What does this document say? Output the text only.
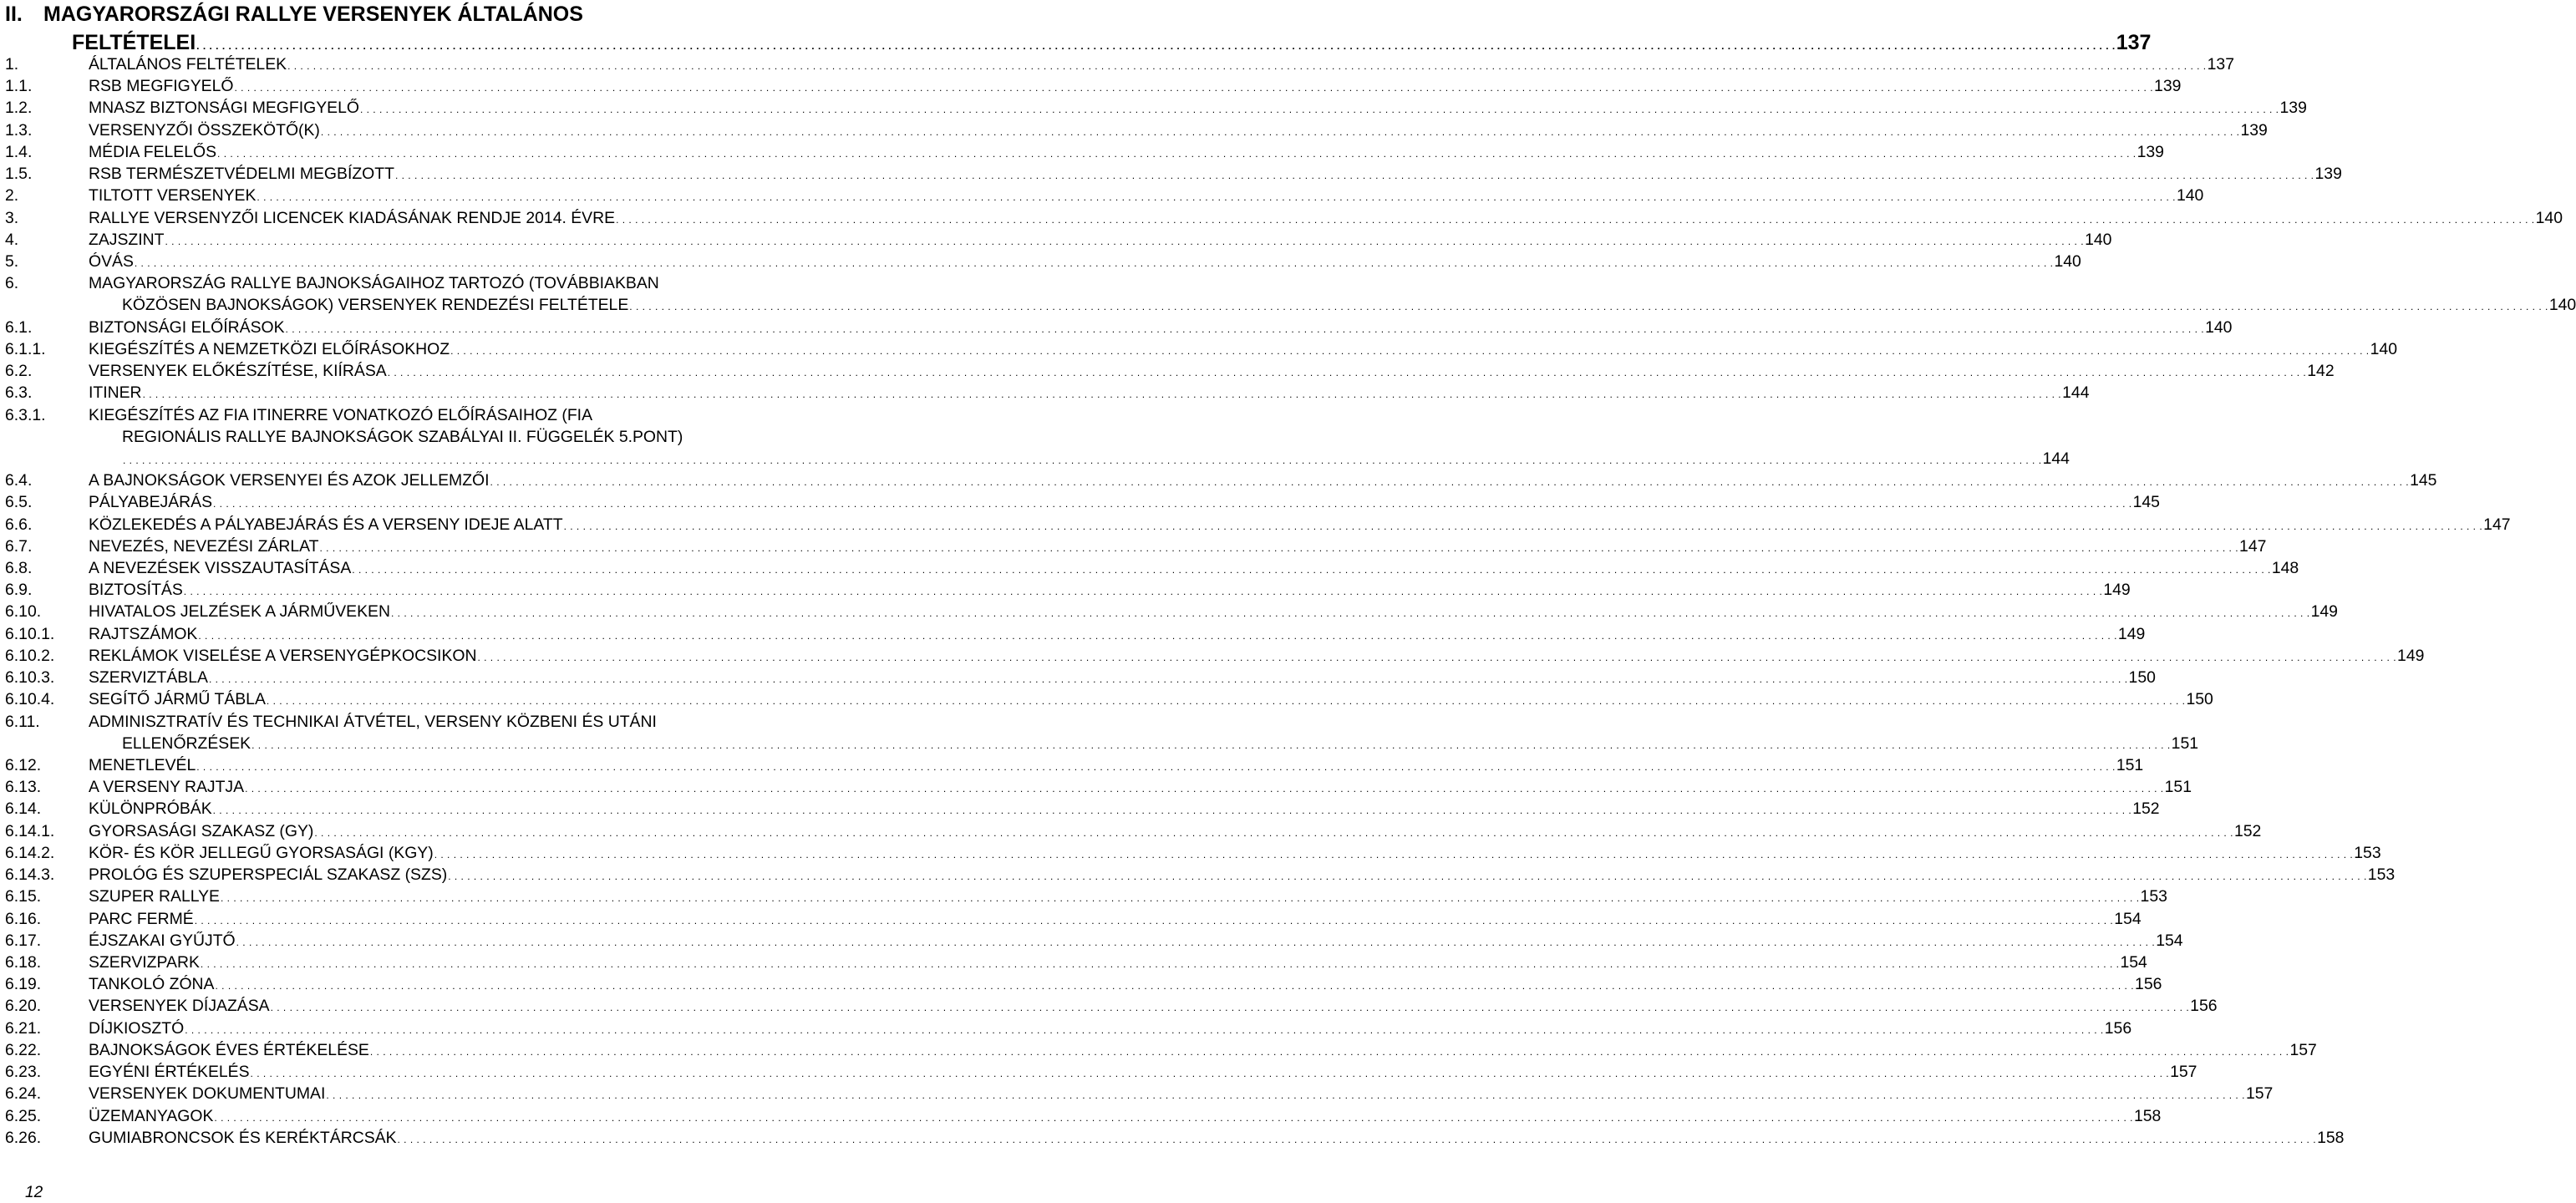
II.	MAGYARORSZÁGI RALLYE VERSENYEK ÁLTALÁNOS
FELTÉTELEI . . . . . . . . . . . . . . . . . . . . . . . . . . . . . . . . . . . . . . . . . . . . . . . . . . . . . . . . . . . . . . . . . . . . . . . . . . . . . . . . . . . . . . . . . . . . . . . . . . . . . . . . . . . . . . . . . . . . . . . . . . . . . . . . . . . . . . . . . . . . . . . . . . . . . . . . . . . . . . . . . . . . . . . . . . . . . . . . . . . . . . . . . . . . . . . . . . . . . . . . . . . . . . . . . . . . . . . . . . . . . . . . . . . . . . . . . . . . . . . . . . . . . . . . . . . . . . . . . . . . . . . . . . . . . . . . . . . . . . . . . . . . . . . . . . . . . . . . . . . . 137
1.	ÁLTALÁNOS FELTÉTELEK . . . . . . . . . . . . . . . . . . . . . . . . . . . . . . . . . . . . . . . . . . . . . . . . . . . . . . . . . . . . . . . . . . . . . . . . . . . . . . . . . . . . . . . . . . . . . . . . . . . . . . . . . . . . . . . . . . . . . . . . . . . . . . . . . . . . . . . . . . . . . . . . . . . . . . . . . . . . . . . . . . . . . . . . . . . . . . . . . . . . . . . . . . . . . . . . . . . . . . . . . . . . . . . . . . . . . . . . . . . . . . . . . . . . . . . . . . . . . . . . . . . . . . . . . . . . . . . . . . . . . . . . . . . . . . . . . . . . . . . . . . . . . . . . . . . . . . . . . . . . 137
1.1.	RSB MEGFIGYELŐ . . . . . . . . . . . . . . . . . . . . . . . . . . . . . . . . . . . . . . . . . . . . . . . . . . . . . . . . . . . . . . . . . . . . . . . . . . . . . . . . . . . . . . . . . . . . . . . . . . . . . . . . . . . . . . . . . . . . . . . . . . . . . . . . . . . . . . . . . . . . . . . . . . . . . . . . . . . . . . . . . . . . . . . . . . . . . . . . . . . . . . . . . . . . . . . . . . . . . . . . . . . . . . . . . . . . . . . . . . . . . . . . . . . . . . . . . . . . . . . . . . . . . . . . . . . . . . . . . . . . . . . . . . . . . . . . . . . . . . . . . . . . . . . . . . . . . . . . . . . . 139
1.2.	MNASZ BIZTONSÁGI MEGFIGYELŐ . . . . . . . . . . . . . . . . . . . . . . . . . . . . . . . . . . . . . . . . . . . . . . . . . . . . . . . . . . . . . . . . . . . . . . . . . . . . . . . . . . . . . . . . . . . . . . . . . . . . . . . . . . . . . . . . . . . . . . . . . . . . . . . . . . . . . . . . . . . . . . . . . . . . . . . . . . . . . . . . . . . . . . . . . . . . . . . . . . . . . . . . . . . . . . . . . . . . . . . . . . . . . . . . . . . . . . . . . . . . . . . . . . . . . . . . . . . . . . . . . . . . . . . . . . . . . . . . . . . . . . . . . . . . . . . . . . . . . . . . . . . . . . . . . . . . . . . . . . . . 139
1.3.	VERSENYZŐI ÖSSZEKÖTŐ(K) . . . . . . . . . . . . . . . . . . . . . . . . . . . . . . . . . . . . . . . . . . . . . . . . . . . . . . . . . . . . . . . . . . . . . . . . . . . . . . . . . . . . . . . . . . . . . . . . . . . . . . . . . . . . . . . . . . . . . . . . . . . . . . . . . . . . . . . . . . . . . . . . . . . . . . . . . . . . . . . . . . . . . . . . . . . . . . . . . . . . . . . . . . . . . . . . . . . . . . . . . . . . . . . . . . . . . . . . . . . . . . . . . . . . . . . . . . . . . . . . . . . . . . . . . . . . . . . . . . . . . . . . . . . . . . . . . . . . . . . . . . . . . . . . . . . . . . . . . . . . 139
1.4.	MÉDIA FELELŐS . . . . . . . . . . . . . . . . . . . . . . . . . . . . . . . . . . . . . . . . . . . . . . . . . . . . . . . . . . . . . . . . . . . . . . . . . . . . . . . . . . . . . . . . . . . . . . . . . . . . . . . . . . . . . . . . . . . . . . . . . . . . . . . . . . . . . . . . . . . . . . . . . . . . . . . . . . . . . . . . . . . . . . . . . . . . . . . . . . . . . . . . . . . . . . . . . . . . . . . . . . . . . . . . . . . . . . . . . . . . . . . . . . . . . . . . . . . . . . . . . . . . . . . . . . . . . . . . . . . . . . . . . . . . . . . . . . . . . . . . . . . . . . . . . . . . . . . . . . . . 139
1.5.	RSB TERMÉSZETVÉDELMI MEGBÍZOTT . . . . . . . . . . . . . . . . . . . . . . . . . . . . . . . . . . . . . . . . . . . . . . . . . . . . . . . . . . . . . . . . . . . . . . . . . . . . . . . . . . . . . . . . . . . . . . . . . . . . . . . . . . . . . . . . . . . . . . . . . . . . . . . . . . . . . . . . . . . . . . . . . . . . . . . . . . . . . . . . . . . . . . . . . . . . . . . . . . . . . . . . . . . . . . . . . . . . . . . . . . . . . . . . . . . . . . . . . . . . . . . . . . . . . . . . . . . . . . . . . . . . . . . . . . . . . . . . . . . . . . . . . . . . . . . . . . . . . . . . . . . . . . . . . . . . . . . . . . . . 139
2.	TILTOTT VERSENYEK . . . . . . . . . . . . . . . . . . . . . . . . . . . . . . . . . . . . . . . . . . . . . . . . . . . . . . . . . . . . . . . . . . . . . . . . . . . . . . . . . . . . . . . . . . . . . . . . . . . . . . . . . . . . . . . . . . . . . . . . . . . . . . . . . . . . . . . . . . . . . . . . . . . . . . . . . . . . . . . . . . . . . . . . . . . . . . . . . . . . . . . . . . . . . . . . . . . . . . . . . . . . . . . . . . . . . . . . . . . . . . . . . . . . . . . . . . . . . . . . . . . . . . . . . . . . . . . . . . . . . . . . . . . . . . . . . . . . . . . . . . . . . . . . . . . . . . . . . . . . 140
3.	RALLYE VERSENYZŐI LICENCEK KIADÁSÁNAK RENDJE 2014. ÉVRE . . . . . . . . . . . . . . . . . . . . . . . . . . . . . . . . . . . . . . . . . . . . . . . . . . . . . . . . . . . . . . . . . . . . . . . . . . . . . . . . . . . . . . . . . . . . . . . . . . . . . . . . . . . . . . . . . . . . . . . . . . . . . . . . . . . . . . . . . . . . . . . . . . . . . . . . . . . . . . . . . . . . . . . . . . . . . . . . . . . . . . . . . . . . . . . . . . . . . . . . . . . . . . . . . . . . . . . . . . . . . . . . . . . . . . . . . . . . . . . . . . . . . . . . . . . . . . . . . . . . . . . . . . . . . . . . . . . . . . . . . . . . . . . . . . . . . . . . . . . . 140
4.	ZAJSZINT . . . . . . . . . . . . . . . . . . . . . . . . . . . . . . . . . . . . . . . . . . . . . . . . . . . . . . . . . . . . . . . . . . . . . . . . . . . . . . . . . . . . . . . . . . . . . . . . . . . . . . . . . . . . . . . . . . . . . . . . . . . . . . . . . . . . . . . . . . . . . . . . . . . . . . . . . . . . . . . . . . . . . . . . . . . . . . . . . . . . . . . . . . . . . . . . . . . . . . . . . . . . . . . . . . . . . . . . . . . . . . . . . . . . . . . . . . . . . . . . . . . . . . . . . . . . . . . . . . . . . . . . . . . . . . . . . . . . . . . . . . . . . . . . . . . . . . . . . . . . 140
5.	ÓVÁS . . . . . . . . . . . . . . . . . . . . . . . . . . . . . . . . . . . . . . . . . . . . . . . . . . . . . . . . . . . . . . . . . . . . . . . . . . . . . . . . . . . . . . . . . . . . . . . . . . . . . . . . . . . . . . . . . . . . . . . . . . . . . . . . . . . . . . . . . . . . . . . . . . . . . . . . . . . . . . . . . . . . . . . . . . . . . . . . . . . . . . . . . . . . . . . . . . . . . . . . . . . . . . . . . . . . . . . . . . . . . . . . . . . . . . . . . . . . . . . . . . . . . . . . . . . . . . . . . . . . . . . . . . . . . . . . . . . . . . . . . . . . . . . . . . . . . . . . . . . . 140
6.	MAGYARORSZÁG RALLYE BAJNOKSÁGAIHOZ TARTOZÓ (TOVÁBBIAKBAN
KÖZÖSEN BAJNOKSÁGOK) VERSENYEK RENDEZÉSI FELTÉTELE . . . . . . . . . . . . . . . . . . . . . . . . . . . . . . . . . . . . . . . . . . . . . . . . . . . . . . . . . . . . . . . . . . . . . . . . . . . . . . . . . . . . . . . . . . . . . . . . . . . . . . . . . . . . . . . . . . . . . . . . . . . . . . . . . . . . . . . . . . . . . . . . . . . . . . . . . . . . . . . . . . . . . . . . . . . . . . . . . . . . . . . . . . . . . . . . . . . . . . . . . . . . . . . . . . . . . . . . . . . . . . . . . . . . . . . . . . . . . . . . . . . . . . . . . . . . . . . . . . . . . . . . . . . . . . . . . . . . . . . . . . . . . . . . . . . . . . . . . . . . 140
6.1.	BIZTONSÁGI ELŐÍRÁSOK . . . . . . . . . . . . . . . . . . . . . . . . . . . . . . . . . . . . . . . . . . . . . . . . . . . . . . . . . . . . . . . . . . . . . . . . . . . . . . . . . . . . . . . . . . . . . . . . . . . . . . . . . . . . . . . . . . . . . . . . . . . . . . . . . . . . . . . . . . . . . . . . . . . . . . . . . . . . . . . . . . . . . . . . . . . . . . . . . . . . . . . . . . . . . . . . . . . . . . . . . . . . . . . . . . . . . . . . . . . . . . . . . . . . . . . . . . . . . . . . . . . . . . . . . . . . . . . . . . . . . . . . . . . . . . . . . . . . . . . . . . . . . . . . . . . . . . . . . . . . 140
6.1.1.	KIEGÉSZÍTÉS A NEMZETKÖZI ELŐÍRÁSOKHOZ . . . . . . . . . . . . . . . . . . . . . . . . . . . . . . . . . . . . . . . . . . . . . . . . . . . . . . . . . . . . . . . . . . . . . . . . . . . . . . . . . . . . . . . . . . . . . . . . . . . . . . . . . . . . . . . . . . . . . . . . . . . . . . . . . . . . . . . . . . . . . . . . . . . . . . . . . . . . . . . . . . . . . . . . . . . . . . . . . . . . . . . . . . . . . . . . . . . . . . . . . . . . . . . . . . . . . . . . . . . . . . . . . . . . . . . . . . . . . . . . . . . . . . . . . . . . . . . . . . . . . . . . . . . . . . . . . . . . . . . . . . . . . . . . . . . . . . . . . . . . 140
6.2.	VERSENYEK ELŐKÉSZÍTÉSE, KIÍRÁSA . . . . . . . . . . . . . . . . . . . . . . . . . . . . . . . . . . . . . . . . . . . . . . . . . . . . . . . . . . . . . . . . . . . . . . . . . . . . . . . . . . . . . . . . . . . . . . . . . . . . . . . . . . . . . . . . . . . . . . . . . . . . . . . . . . . . . . . . . . . . . . . . . . . . . . . . . . . . . . . . . . . . . . . . . . . . . . . . . . . . . . . . . . . . . . . . . . . . . . . . . . . . . . . . . . . . . . . . . . . . . . . . . . . . . . . . . . . . . . . . . . . . . . . . . . . . . . . . . . . . . . . . . . . . . . . . . . . . . . . . . . . . . . . . . . . . . . . . . . . . 142
6.3.	ITINER . . . . . . . . . . . . . . . . . . . . . . . . . . . . . . . . . . . . . . . . . . . . . . . . . . . . . . . . . . . . . . . . . . . . . . . . . . . . . . . . . . . . . . . . . . . . . . . . . . . . . . . . . . . . . . . . . . . . . . . . . . . . . . . . . . . . . . . . . . . . . . . . . . . . . . . . . . . . . . . . . . . . . . . . . . . . . . . . . . . . . . . . . . . . . . . . . . . . . . . . . . . . . . . . . . . . . . . . . . . . . . . . . . . . . . . . . . . . . . . . . . . . . . . . . . . . . . . . . . . . . . . . . . . . . . . . . . . . . . . . . . . . . . . . . . . . . . . . . . . . 144
6.3.1.	KIEGÉSZÍTÉS AZ FIA ITINERRE VONATKOZÓ ELŐÍRÁSAIHOZ (FIA
REGIONÁLIS RALLYE BAJNOKSÁGOK SZABÁLYAI II. FÜGGELÉK 5.PONT)
. . . . . . . . . . . . . . . . . . . . . . . . . . . . . . . . . . . . . . . . . . . . . . . . . . . . . . . . . . . . . . . . . . . . . . . . . . . . . . . . . . . . . . . . . . . . . . . . . . . . . . . . . . . . . . . . . . . . . . . . . . . . . . . . . . . . . . . . . . . . . . . . . . . . . . . . . . . . . . . . . . . . . . . . . . . . . . . . . . . . . . . . . . . . . . . . . . . . . . . . . . . . . . . . . . . . . . . . . . . . . . . . . . . . . . . . . . . . . . . . . . . . . . . . . . . . . . . . . . . . . . . . . . . . . . . . . . . . . . . . . . . . . . . . . . . . . . . . . . . . 144
6.4.	A BAJNOKSÁGOK VERSENYEI ÉS AZOK JELLEMZŐI . . . . . . . . . . . . . . . . . . . . . . . . . . . . . . . . . . . . . . . . . . . . . . . . . . . . . . . . . . . . . . . . . . . . . . . . . . . . . . . . . . . . . . . . . . . . . . . . . . . . . . . . . . . . . . . . . . . . . . . . . . . . . . . . . . . . . . . . . . . . . . . . . . . . . . . . . . . . . . . . . . . . . . . . . . . . . . . . . . . . . . . . . . . . . . . . . . . . . . . . . . . . . . . . . . . . . . . . . . . . . . . . . . . . . . . . . . . . . . . . . . . . . . . . . . . . . . . . . . . . . . . . . . . . . . . . . . . . . . . . . . . . . . . . . . . . . . . . . . . . 145
6.5.	PÁLYABEJÁRÁS . . . . . . . . . . . . . . . . . . . . . . . . . . . . . . . . . . . . . . . . . . . . . . . . . . . . . . . . . . . . . . . . . . . . . . . . . . . . . . . . . . . . . . . . . . . . . . . . . . . . . . . . . . . . . . . . . . . . . . . . . . . . . . . . . . . . . . . . . . . . . . . . . . . . . . . . . . . . . . . . . . . . . . . . . . . . . . . . . . . . . . . . . . . . . . . . . . . . . . . . . . . . . . . . . . . . . . . . . . . . . . . . . . . . . . . . . . . . . . . . . . . . . . . . . . . . . . . . . . . . . . . . . . . . . . . . . . . . . . . . . . . . . . . . . . . . . . . . . . . . 145
6.6.	KÖZLEKEDÉS A PÁLYABEJÁRÁS ÉS A VERSENY IDEJE ALATT . . . . . . . . . . . . . . . . . . . . . . . . . . . . . . . . . . . . . . . . . . . . . . . . . . . . . . . . . . . . . . . . . . . . . . . . . . . . . . . . . . . . . . . . . . . . . . . . . . . . . . . . . . . . . . . . . . . . . . . . . . . . . . . . . . . . . . . . . . . . . . . . . . . . . . . . . . . . . . . . . . . . . . . . . . . . . . . . . . . . . . . . . . . . . . . . . . . . . . . . . . . . . . . . . . . . . . . . . . . . . . . . . . . . . . . . . . . . . . . . . . . . . . . . . . . . . . . . . . . . . . . . . . . . . . . . . . . . . . . . . . . . . . . . . . . . . . . . . . . . 147
6.7.	NEVEZÉS, NEVEZÉSI ZÁRLAT . . . . . . . . . . . . . . . . . . . . . . . . . . . . . . . . . . . . . . . . . . . . . . . . . . . . . . . . . . . . . . . . . . . . . . . . . . . . . . . . . . . . . . . . . . . . . . . . . . . . . . . . . . . . . . . . . . . . . . . . . . . . . . . . . . . . . . . . . . . . . . . . . . . . . . . . . . . . . . . . . . . . . . . . . . . . . . . . . . . . . . . . . . . . . . . . . . . . . . . . . . . . . . . . . . . . . . . . . . . . . . . . . . . . . . . . . . . . . . . . . . . . . . . . . . . . . . . . . . . . . . . . . . . . . . . . . . . . . . . . . . . . . . . . . . . . . . . . . . . . 147
6.8.	A NEVEZÉSEK VISSZAUTASÍTÁSA . . . . . . . . . . . . . . . . . . . . . . . . . . . . . . . . . . . . . . . . . . . . . . . . . . . . . . . . . . . . . . . . . . . . . . . . . . . . . . . . . . . . . . . . . . . . . . . . . . . . . . . . . . . . . . . . . . . . . . . . . . . . . . . . . . . . . . . . . . . . . . . . . . . . . . . . . . . . . . . . . . . . . . . . . . . . . . . . . . . . . . . . . . . . . . . . . . . . . . . . . . . . . . . . . . . . . . . . . . . . . . . . . . . . . . . . . . . . . . . . . . . . . . . . . . . . . . . . . . . . . . . . . . . . . . . . . . . . . . . . . . . . . . . . . . . . . . . . . . . . 148
6.9.	BIZTOSÍTÁS . . . . . . . . . . . . . . . . . . . . . . . . . . . . . . . . . . . . . . . . . . . . . . . . . . . . . . . . . . . . . . . . . . . . . . . . . . . . . . . . . . . . . . . . . . . . . . . . . . . . . . . . . . . . . . . . . . . . . . . . . . . . . . . . . . . . . . . . . . . . . . . . . . . . . . . . . . . . . . . . . . . . . . . . . . . . . . . . . . . . . . . . . . . . . . . . . . . . . . . . . . . . . . . . . . . . . . . . . . . . . . . . . . . . . . . . . . . . . . . . . . . . . . . . . . . . . . . . . . . . . . . . . . . . . . . . . . . . . . . . . . . . . . . . . . . . . . . . . . . . 149
6.10.	HIVATALOS JELZÉSEK A JÁRMŰVEKEN . . . . . . . . . . . . . . . . . . . . . . . . . . . . . . . . . . . . . . . . . . . . . . . . . . . . . . . . . . . . . . . . . . . . . . . . . . . . . . . . . . . . . . . . . . . . . . . . . . . . . . . . . . . . . . . . . . . . . . . . . . . . . . . . . . . . . . . . . . . . . . . . . . . . . . . . . . . . . . . . . . . . . . . . . . . . . . . . . . . . . . . . . . . . . . . . . . . . . . . . . . . . . . . . . . . . . . . . . . . . . . . . . . . . . . . . . . . . . . . . . . . . . . . . . . . . . . . . . . . . . . . . . . . . . . . . . . . . . . . . . . . . . . . . . . . . . . . . . . . . 149
6.10.1.	RAJTSZÁMOK . . . . . . . . . . . . . . . . . . . . . . . . . . . . . . . . . . . . . . . . . . . . . . . . . . . . . . . . . . . . . . . . . . . . . . . . . . . . . . . . . . . . . . . . . . . . . . . . . . . . . . . . . . . . . . . . . . . . . . . . . . . . . . . . . . . . . . . . . . . . . . . . . . . . . . . . . . . . . . . . . . . . . . . . . . . . . . . . . . . . . . . . . . . . . . . . . . . . . . . . . . . . . . . . . . . . . . . . . . . . . . . . . . . . . . . . . . . . . . . . . . . . . . . . . . . . . . . . . . . . . . . . . . . . . . . . . . . . . . . . . . . . . . . . . . . . . . . . . . . . 149
6.10.2.	REKLÁMOK VISELÉSE A VERSENYGÉPKOCSIKON . . . . . . . . . . . . . . . . . . . . . . . . . . . . . . . . . . . . . . . . . . . . . . . . . . . . . . . . . . . . . . . . . . . . . . . . . . . . . . . . . . . . . . . . . . . . . . . . . . . . . . . . . . . . . . . . . . . . . . . . . . . . . . . . . . . . . . . . . . . . . . . . . . . . . . . . . . . . . . . . . . . . . . . . . . . . . . . . . . . . . . . . . . . . . . . . . . . . . . . . . . . . . . . . . . . . . . . . . . . . . . . . . . . . . . . . . . . . . . . . . . . . . . . . . . . . . . . . . . . . . . . . . . . . . . . . . . . . . . . . . . . . . . . . . . . . . . . . . . . . 149
6.10.3.	SZERVIZTÁBLA . . . . . . . . . . . . . . . . . . . . . . . . . . . . . . . . . . . . . . . . . . . . . . . . . . . . . . . . . . . . . . . . . . . . . . . . . . . . . . . . . . . . . . . . . . . . . . . . . . . . . . . . . . . . . . . . . . . . . . . . . . . . . . . . . . . . . . . . . . . . . . . . . . . . . . . . . . . . . . . . . . . . . . . . . . . . . . . . . . . . . . . . . . . . . . . . . . . . . . . . . . . . . . . . . . . . . . . . . . . . . . . . . . . . . . . . . . . . . . . . . . . . . . . . . . . . . . . . . . . . . . . . . . . . . . . . . . . . . . . . . . . . . . . . . . . . . . . . . . . . 150
6.10.4.	SEGÍTŐ JÁRMŰ TÁBLA . . . . . . . . . . . . . . . . . . . . . . . . . . . . . . . . . . . . . . . . . . . . . . . . . . . . . . . . . . . . . . . . . . . . . . . . . . . . . . . . . . . . . . . . . . . . . . . . . . . . . . . . . . . . . . . . . . . . . . . . . . . . . . . . . . . . . . . . . . . . . . . . . . . . . . . . . . . . . . . . . . . . . . . . . . . . . . . . . . . . . . . . . . . . . . . . . . . . . . . . . . . . . . . . . . . . . . . . . . . . . . . . . . . . . . . . . . . . . . . . . . . . . . . . . . . . . . . . . . . . . . . . . . . . . . . . . . . . . . . . . . . . . . . . . . . . . . . . . . . . 150
6.11.	ADMINISZTRATÍV ÉS TECHNIKAI ÁTVÉTEL, VERSENY KÖZBENI ÉS UTÁNI
ELLENŐRZÉSEK . . . . . . . . . . . . . . . . . . . . . . . . . . . . . . . . . . . . . . . . . . . . . . . . . . . . . . . . . . . . . . . . . . . . . . . . . . . . . . . . . . . . . . . . . . . . . . . . . . . . . . . . . . . . . . . . . . . . . . . . . . . . . . . . . . . . . . . . . . . . . . . . . . . . . . . . . . . . . . . . . . . . . . . . . . . . . . . . . . . . . . . . . . . . . . . . . . . . . . . . . . . . . . . . . . . . . . . . . . . . . . . . . . . . . . . . . . . . . . . . . . . . . . . . . . . . . . . . . . . . . . . . . . . . . . . . . . . . . . . . . . . . . . . . . . . . . . . . . . . . 151
6.12.	MENETLEVÉL . . . . . . . . . . . . . . . . . . . . . . . . . . . . . . . . . . . . . . . . . . . . . . . . . . . . . . . . . . . . . . . . . . . . . . . . . . . . . . . . . . . . . . . . . . . . . . . . . . . . . . . . . . . . . . . . . . . . . . . . . . . . . . . . . . . . . . . . . . . . . . . . . . . . . . . . . . . . . . . . . . . . . . . . . . . . . . . . . . . . . . . . . . . . . . . . . . . . . . . . . . . . . . . . . . . . . . . . . . . . . . . . . . . . . . . . . . . . . . . . . . . . . . . . . . . . . . . . . . . . . . . . . . . . . . . . . . . . . . . . . . . . . . . . . . . . . . . . . . . . 151
6.13.	A VERSENY RAJTJA . . . . . . . . . . . . . . . . . . . . . . . . . . . . . . . . . . . . . . . . . . . . . . . . . . . . . . . . . . . . . . . . . . . . . . . . . . . . . . . . . . . . . . . . . . . . . . . . . . . . . . . . . . . . . . . . . . . . . . . . . . . . . . . . . . . . . . . . . . . . . . . . . . . . . . . . . . . . . . . . . . . . . . . . . . . . . . . . . . . . . . . . . . . . . . . . . . . . . . . . . . . . . . . . . . . . . . . . . . . . . . . . . . . . . . . . . . . . . . . . . . . . . . . . . . . . . . . . . . . . . . . . . . . . . . . . . . . . . . . . . . . . . . . . . . . . . . . . . . . . 151
6.14.	KÜLÖNPRÓBÁK . . . . . . . . . . . . . . . . . . . . . . . . . . . . . . . . . . . . . . . . . . . . . . . . . . . . . . . . . . . . . . . . . . . . . . . . . . . . . . . . . . . . . . . . . . . . . . . . . . . . . . . . . . . . . . . . . . . . . . . . . . . . . . . . . . . . . . . . . . . . . . . . . . . . . . . . . . . . . . . . . . . . . . . . . . . . . . . . . . . . . . . . . . . . . . . . . . . . . . . . . . . . . . . . . . . . . . . . . . . . . . . . . . . . . . . . . . . . . . . . . . . . . . . . . . . . . . . . . . . . . . . . . . . . . . . . . . . . . . . . . . . . . . . . . . . . . . . . . . . . 152
6.14.1.	GYORSASÁGI SZAKASZ (GY) . . . . . . . . . . . . . . . . . . . . . . . . . . . . . . . . . . . . . . . . . . . . . . . . . . . . . . . . . . . . . . . . . . . . . . . . . . . . . . . . . . . . . . . . . . . . . . . . . . . . . . . . . . . . . . . . . . . . . . . . . . . . . . . . . . . . . . . . . . . . . . . . . . . . . . . . . . . . . . . . . . . . . . . . . . . . . . . . . . . . . . . . . . . . . . . . . . . . . . . . . . . . . . . . . . . . . . . . . . . . . . . . . . . . . . . . . . . . . . . . . . . . . . . . . . . . . . . . . . . . . . . . . . . . . . . . . . . . . . . . . . . . . . . . . . . . . . . . . . . . 152
6.14.2.	KÖR- ÉS KÖR JELLEGŰ GYORSASÁGI (KGY) . . . . . . . . . . . . . . . . . . . . . . . . . . . . . . . . . . . . . . . . . . . . . . . . . . . . . . . . . . . . . . . . . . . . . . . . . . . . . . . . . . . . . . . . . . . . . . . . . . . . . . . . . . . . . . . . . . . . . . . . . . . . . . . . . . . . . . . . . . . . . . . . . . . . . . . . . . . . . . . . . . . . . . . . . . . . . . . . . . . . . . . . . . . . . . . . . . . . . . . . . . . . . . . . . . . . . . . . . . . . . . . . . . . . . . . . . . . . . . . . . . . . . . . . . . . . . . . . . . . . . . . . . . . . . . . . . . . . . . . . . . . . . . . . . . . . . . . . . . . . 153
6.14.3.	PROLÓG ÉS SZUPERSPECIÁL SZAKASZ (SZS) . . . . . . . . . . . . . . . . . . . . . . . . . . . . . . . . . . . . . . . . . . . . . . . . . . . . . . . . . . . . . . . . . . . . . . . . . . . . . . . . . . . . . . . . . . . . . . . . . . . . . . . . . . . . . . . . . . . . . . . . . . . . . . . . . . . . . . . . . . . . . . . . . . . . . . . . . . . . . . . . . . . . . . . . . . . . . . . . . . . . . . . . . . . . . . . . . . . . . . . . . . . . . . . . . . . . . . . . . . . . . . . . . . . . . . . . . . . . . . . . . . . . . . . . . . . . . . . . . . . . . . . . . . . . . . . . . . . . . . . . . . . . . . . . . . . . . . . . . . . . 153
6.15.	SZUPER RALLYE . . . . . . . . . . . . . . . . . . . . . . . . . . . . . . . . . . . . . . . . . . . . . . . . . . . . . . . . . . . . . . . . . . . . . . . . . . . . . . . . . . . . . . . . . . . . . . . . . . . . . . . . . . . . . . . . . . . . . . . . . . . . . . . . . . . . . . . . . . . . . . . . . . . . . . . . . . . . . . . . . . . . . . . . . . . . . . . . . . . . . . . . . . . . . . . . . . . . . . . . . . . . . . . . . . . . . . . . . . . . . . . . . . . . . . . . . . . . . . . . . . . . . . . . . . . . . . . . . . . . . . . . . . . . . . . . . . . . . . . . . . . . . . . . . . . . . . . . . . . . 153
6.16.	PARC FERMÉ . . . . . . . . . . . . . . . . . . . . . . . . . . . . . . . . . . . . . . . . . . . . . . . . . . . . . . . . . . . . . . . . . . . . . . . . . . . . . . . . . . . . . . . . . . . . . . . . . . . . . . . . . . . . . . . . . . . . . . . . . . . . . . . . . . . . . . . . . . . . . . . . . . . . . . . . . . . . . . . . . . . . . . . . . . . . . . . . . . . . . . . . . . . . . . . . . . . . . . . . . . . . . . . . . . . . . . . . . . . . . . . . . . . . . . . . . . . . . . . . . . . . . . . . . . . . . . . . . . . . . . . . . . . . . . . . . . . . . . . . . . . . . . . . . . . . . . . . . . . . 154
6.17.	ÉJSZAKAI GYŰJTŐ . . . . . . . . . . . . . . . . . . . . . . . . . . . . . . . . . . . . . . . . . . . . . . . . . . . . . . . . . . . . . . . . . . . . . . . . . . . . . . . . . . . . . . . . . . . . . . . . . . . . . . . . . . . . . . . . . . . . . . . . . . . . . . . . . . . . . . . . . . . . . . . . . . . . . . . . . . . . . . . . . . . . . . . . . . . . . . . . . . . . . . . . . . . . . . . . . . . . . . . . . . . . . . . . . . . . . . . . . . . . . . . . . . . . . . . . . . . . . . . . . . . . . . . . . . . . . . . . . . . . . . . . . . . . . . . . . . . . . . . . . . . . . . . . . . . . . . . . . . . . 154
6.18.	SZERVIZPARK . . . . . . . . . . . . . . . . . . . . . . . . . . . . . . . . . . . . . . . . . . . . . . . . . . . . . . . . . . . . . . . . . . . . . . . . . . . . . . . . . . . . . . . . . . . . . . . . . . . . . . . . . . . . . . . . . . . . . . . . . . . . . . . . . . . . . . . . . . . . . . . . . . . . . . . . . . . . . . . . . . . . . . . . . . . . . . . . . . . . . . . . . . . . . . . . . . . . . . . . . . . . . . . . . . . . . . . . . . . . . . . . . . . . . . . . . . . . . . . . . . . . . . . . . . . . . . . . . . . . . . . . . . . . . . . . . . . . . . . . . . . . . . . . . . . . . . . . . . . . 154
6.19.	TANKOLÓ ZÓNA . . . . . . . . . . . . . . . . . . . . . . . . . . . . . . . . . . . . . . . . . . . . . . . . . . . . . . . . . . . . . . . . . . . . . . . . . . . . . . . . . . . . . . . . . . . . . . . . . . . . . . . . . . . . . . . . . . . . . . . . . . . . . . . . . . . . . . . . . . . . . . . . . . . . . . . . . . . . . . . . . . . . . . . . . . . . . . . . . . . . . . . . . . . . . . . . . . . . . . . . . . . . . . . . . . . . . . . . . . . . . . . . . . . . . . . . . . . . . . . . . . . . . . . . . . . . . . . . . . . . . . . . . . . . . . . . . . . . . . . . . . . . . . . . . . . . . . . . . . . . 156
6.20.	VERSENYEK DÍJAZÁSA . . . . . . . . . . . . . . . . . . . . . . . . . . . . . . . . . . . . . . . . . . . . . . . . . . . . . . . . . . . . . . . . . . . . . . . . . . . . . . . . . . . . . . . . . . . . . . . . . . . . . . . . . . . . . . . . . . . . . . . . . . . . . . . . . . . . . . . . . . . . . . . . . . . . . . . . . . . . . . . . . . . . . . . . . . . . . . . . . . . . . . . . . . . . . . . . . . . . . . . . . . . . . . . . . . . . . . . . . . . . . . . . . . . . . . . . . . . . . . . . . . . . . . . . . . . . . . . . . . . . . . . . . . . . . . . . . . . . . . . . . . . . . . . . . . . . . . . . . . . . 156
6.21.	DÍJKIOSZTÓ . . . . . . . . . . . . . . . . . . . . . . . . . . . . . . . . . . . . . . . . . . . . . . . . . . . . . . . . . . . . . . . . . . . . . . . . . . . . . . . . . . . . . . . . . . . . . . . . . . . . . . . . . . . . . . . . . . . . . . . . . . . . . . . . . . . . . . . . . . . . . . . . . . . . . . . . . . . . . . . . . . . . . . . . . . . . . . . . . . . . . . . . . . . . . . . . . . . . . . . . . . . . . . . . . . . . . . . . . . . . . . . . . . . . . . . . . . . . . . . . . . . . . . . . . . . . . . . . . . . . . . . . . . . . . . . . . . . . . . . . . . . . . . . . . . . . . . . . . . . . 156
6.22.	BAJNOKSÁGOK ÉVES ÉRTÉKELÉSE . . . . . . . . . . . . . . . . . . . . . . . . . . . . . . . . . . . . . . . . . . . . . . . . . . . . . . . . . . . . . . . . . . . . . . . . . . . . . . . . . . . . . . . . . . . . . . . . . . . . . . . . . . . . . . . . . . . . . . . . . . . . . . . . . . . . . . . . . . . . . . . . . . . . . . . . . . . . . . . . . . . . . . . . . . . . . . . . . . . . . . . . . . . . . . . . . . . . . . . . . . . . . . . . . . . . . . . . . . . . . . . . . . . . . . . . . . . . . . . . . . . . . . . . . . . . . . . . . . . . . . . . . . . . . . . . . . . . . . . . . . . . . . . . . . . . . . . . . . . . 157
6.23.	EGYÉNI ÉRTÉKELÉS . . . . . . . . . . . . . . . . . . . . . . . . . . . . . . . . . . . . . . . . . . . . . . . . . . . . . . . . . . . . . . . . . . . . . . . . . . . . . . . . . . . . . . . . . . . . . . . . . . . . . . . . . . . . . . . . . . . . . . . . . . . . . . . . . . . . . . . . . . . . . . . . . . . . . . . . . . . . . . . . . . . . . . . . . . . . . . . . . . . . . . . . . . . . . . . . . . . . . . . . . . . . . . . . . . . . . . . . . . . . . . . . . . . . . . . . . . . . . . . . . . . . . . . . . . . . . . . . . . . . . . . . . . . . . . . . . . . . . . . . . . . . . . . . . . . . . . . . . . . . 157
6.24.	VERSENYEK DOKUMENTUMAI . . . . . . . . . . . . . . . . . . . . . . . . . . . . . . . . . . . . . . . . . . . . . . . . . . . . . . . . . . . . . . . . . . . . . . . . . . . . . . . . . . . . . . . . . . . . . . . . . . . . . . . . . . . . . . . . . . . . . . . . . . . . . . . . . . . . . . . . . . . . . . . . . . . . . . . . . . . . . . . . . . . . . . . . . . . . . . . . . . . . . . . . . . . . . . . . . . . . . . . . . . . . . . . . . . . . . . . . . . . . . . . . . . . . . . . . . . . . . . . . . . . . . . . . . . . . . . . . . . . . . . . . . . . . . . . . . . . . . . . . . . . . . . . . . . . . . . . . . . . . 157
6.25.	ÜZEMANYAGOK . . . . . . . . . . . . . . . . . . . . . . . . . . . . . . . . . . . . . . . . . . . . . . . . . . . . . . . . . . . . . . . . . . . . . . . . . . . . . . . . . . . . . . . . . . . . . . . . . . . . . . . . . . . . . . . . . . . . . . . . . . . . . . . . . . . . . . . . . . . . . . . . . . . . . . . . . . . . . . . . . . . . . . . . . . . . . . . . . . . . . . . . . . . . . . . . . . . . . . . . . . . . . . . . . . . . . . . . . . . . . . . . . . . . . . . . . . . . . . . . . . . . . . . . . . . . . . . . . . . . . . . . . . . . . . . . . . . . . . . . . . . . . . . . . . . . . . . . . . . . 158
6.26.	GUMIABRONCSOK ÉS KERÉKTÁRCSÁK . . . . . . . . . . . . . . . . . . . . . . . . . . . . . . . . . . . . . . . . . . . . . . . . . . . . . . . . . . . . . . . . . . . . . . . . . . . . . . . . . . . . . . . . . . . . . . . . . . . . . . . . . . . . . . . . . . . . . . . . . . . . . . . . . . . . . . . . . . . . . . . . . . . . . . . . . . . . . . . . . . . . . . . . . . . . . . . . . . . . . . . . . . . . . . . . . . . . . . . . . . . . . . . . . . . . . . . . . . . . . . . . . . . . . . . . . . . . . . . . . . . . . . . . . . . . . . . . . . . . . . . . . . . . . . . . . . . . . . . . . . . . . . . . . . . . . . . . . . . . 158
12
